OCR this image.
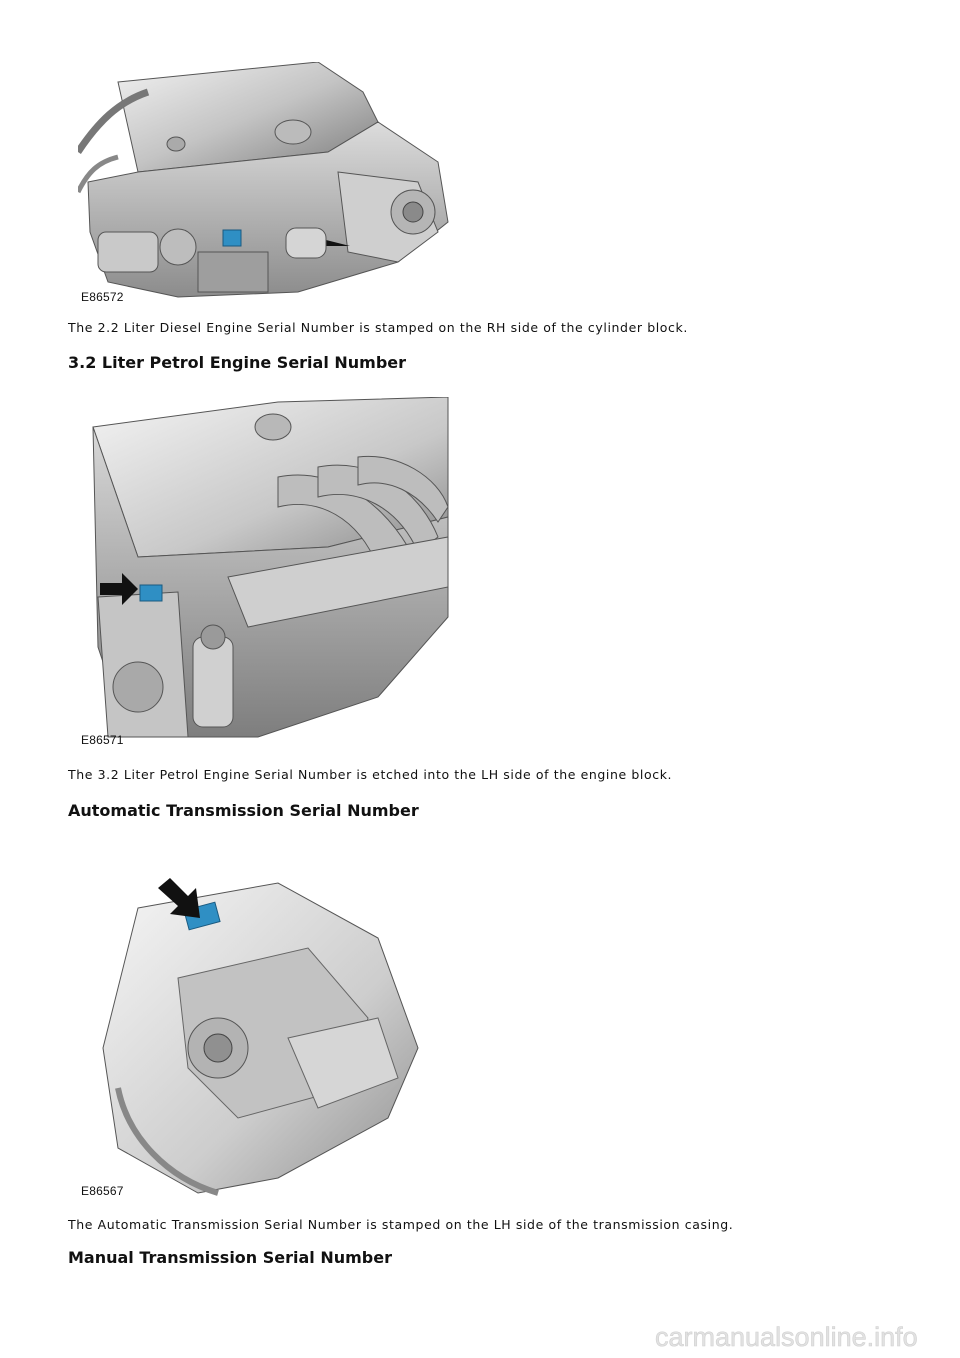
E86572
The 2.2 Liter Diesel Engine Serial Number is stamped on the RH side of the cylinder block.
3.2 Liter Petrol Engine Serial Number
E86571
The 3.2 Liter Petrol Engine Serial Number is etched into the LH side of the engine block.
Automatic Transmission Serial Number
E86567
The Automatic Transmission Serial Number is stamped on the LH side of the transmission casing.
Manual Transmission Serial Number
carmanualsonline.info
